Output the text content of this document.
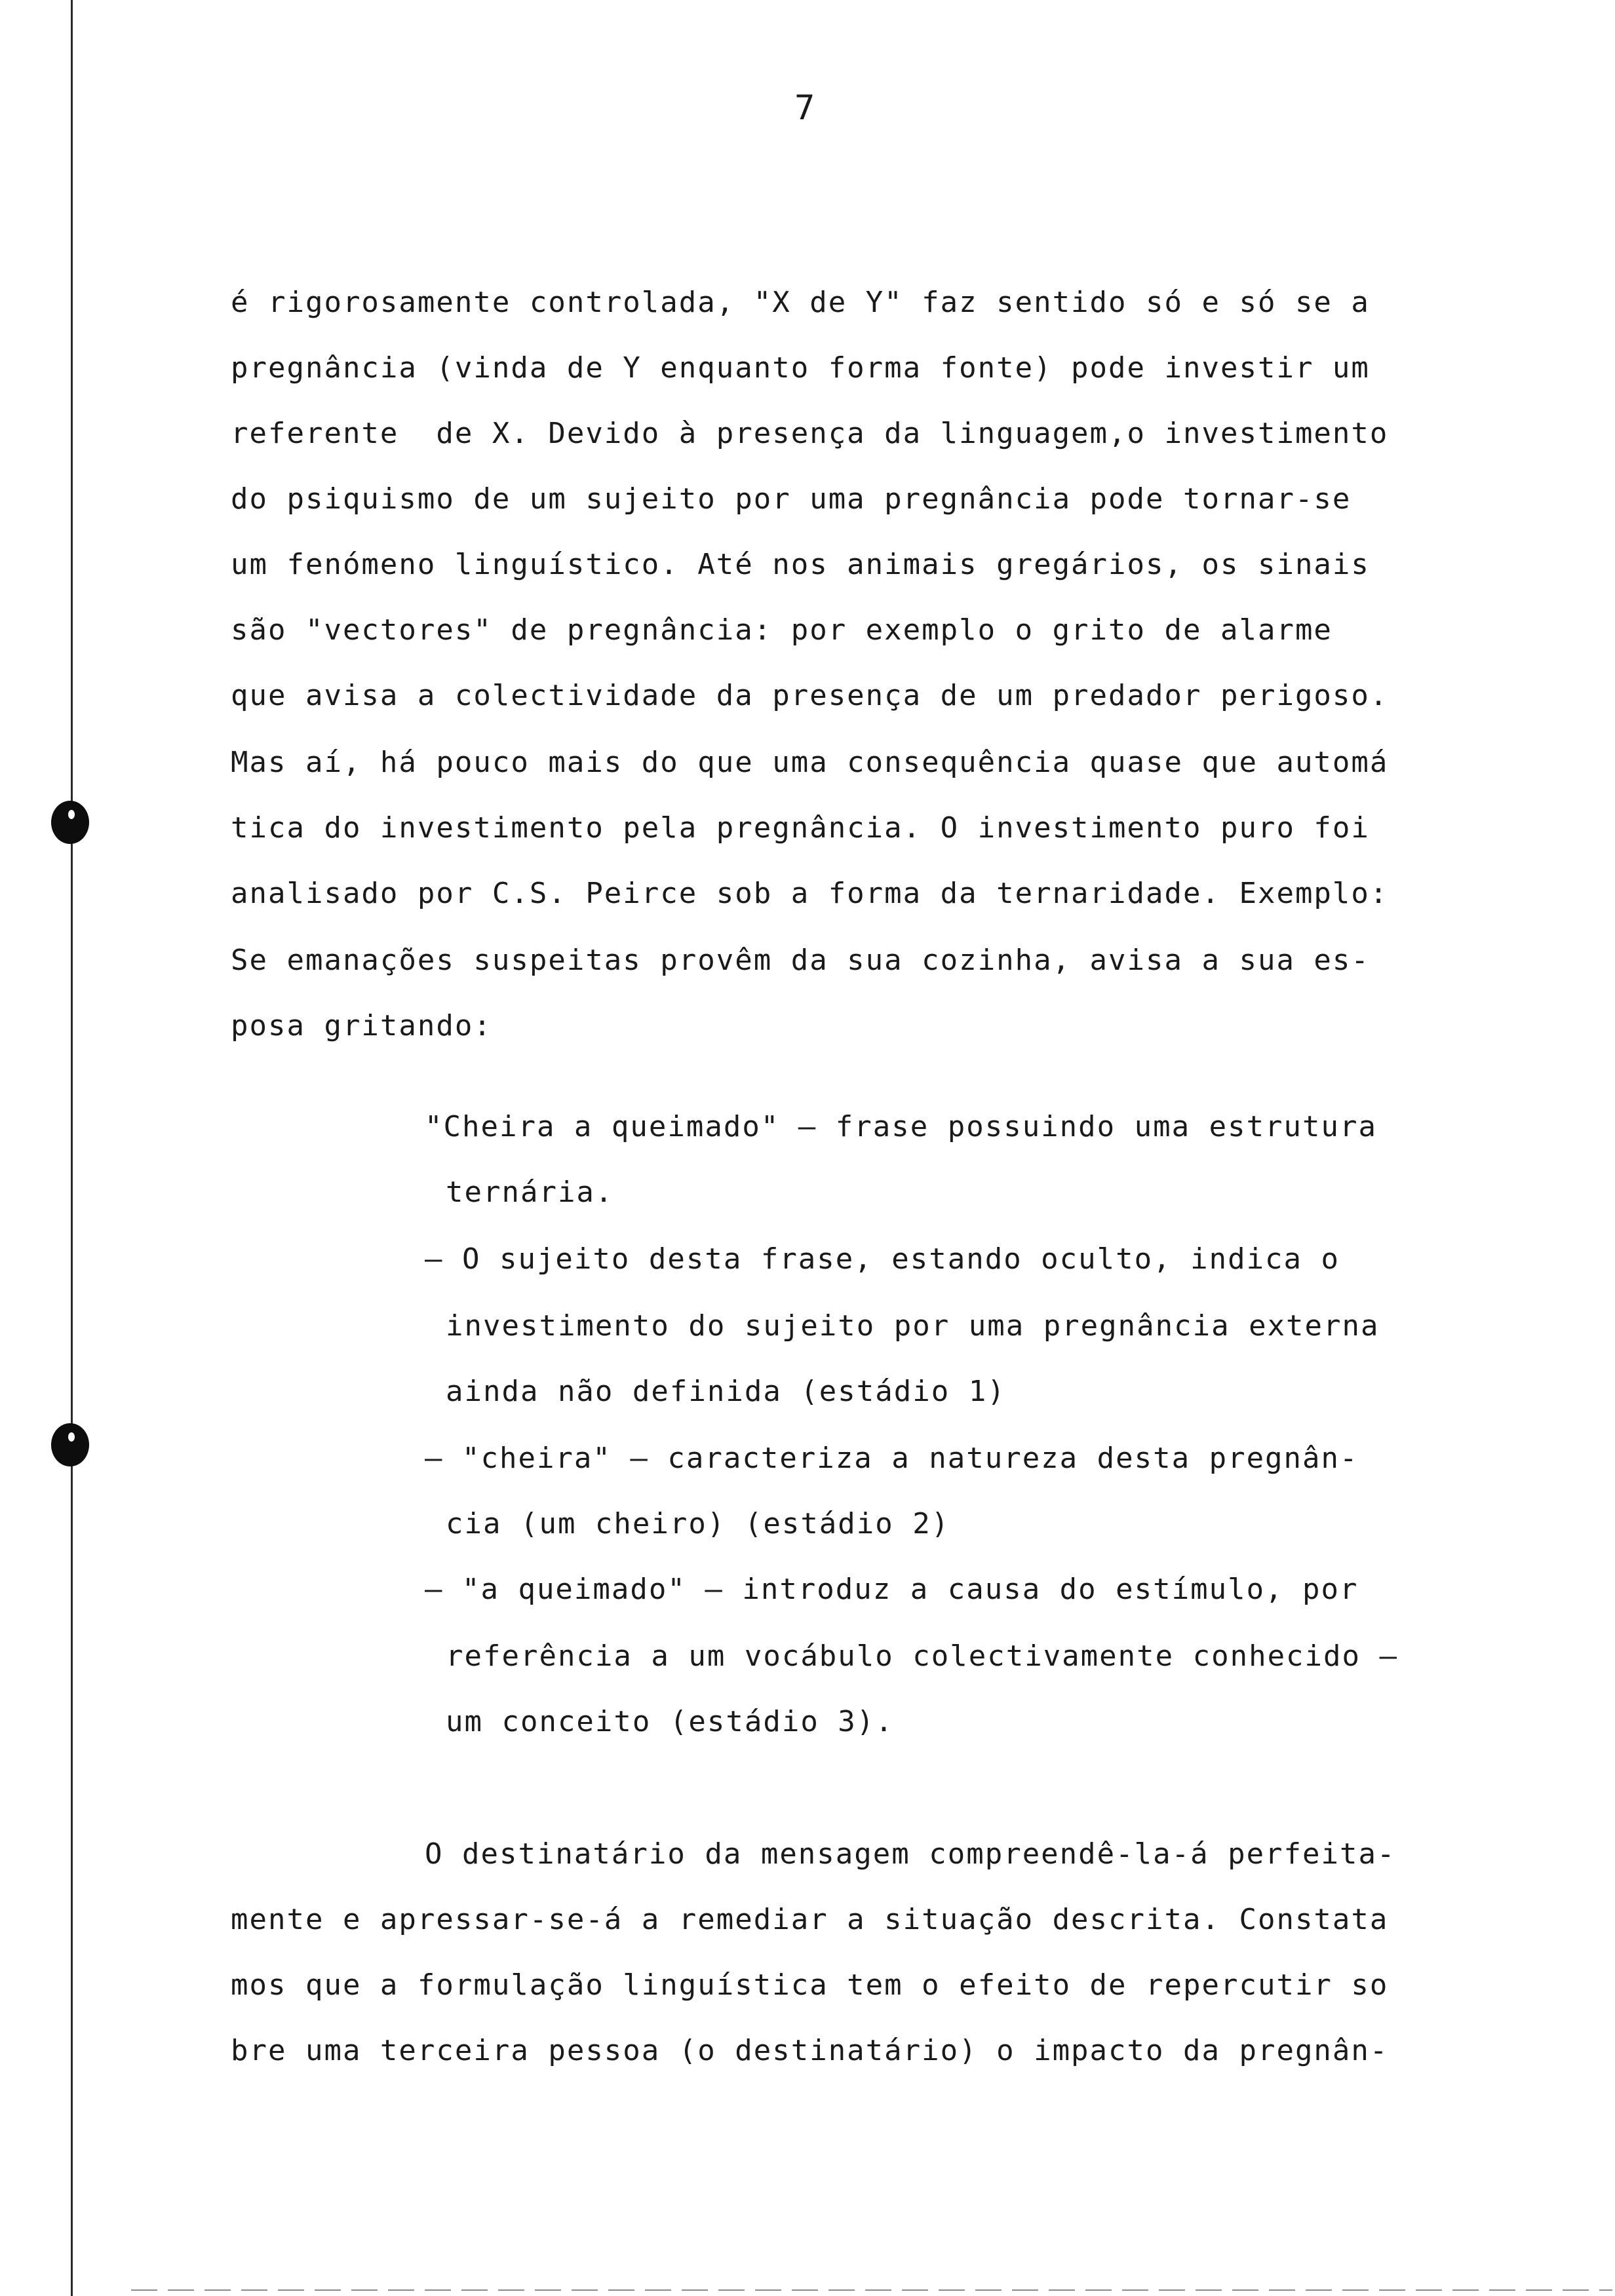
7
é rigorosamente controlada, "X de Y" faz sentido só e só se a
pregnância (vinda de Y enquanto forma fonte) pode investir um
referente  de X. Devido à presença da linguagem,o investimento
do psiquismo de um sujeito por uma pregnância pode tornar-se
um fenómeno linguístico. Até nos animais gregários, os sinais
são "vectores" de pregnância: por exemplo o grito de alarme
que avisa a colectividade da presença de um predador perigoso.
Mas aí, há pouco mais do que uma consequência quase que automá
tica do investimento pela pregnância. O investimento puro foi
analisado por C.S. Peirce sob a forma da ternaridade. Exemplo:
Se emanações suspeitas provêm da sua cozinha, avisa a sua es-
posa gritando:
"Cheira a queimado" — frase possuindo uma estrutura
ternária.
— O sujeito desta frase, estando oculto, indica o
investimento do sujeito por uma pregnância externa
ainda não definida (estádio 1)
— "cheira" — caracteriza a natureza desta pregnân-
cia (um cheiro) (estádio 2)
— "a queimado" — introduz a causa do estímulo, por
referência a um vocábulo colectivamente conhecido —
um conceito (estádio 3).
O destinatário da mensagem compreendê-la-á perfeita-
mente e apressar-se-á a remediar a situação descrita. Constata
mos que a formulação linguística tem o efeito de repercutir so
bre uma terceira pessoa (o destinatário) o impacto da pregnân-
